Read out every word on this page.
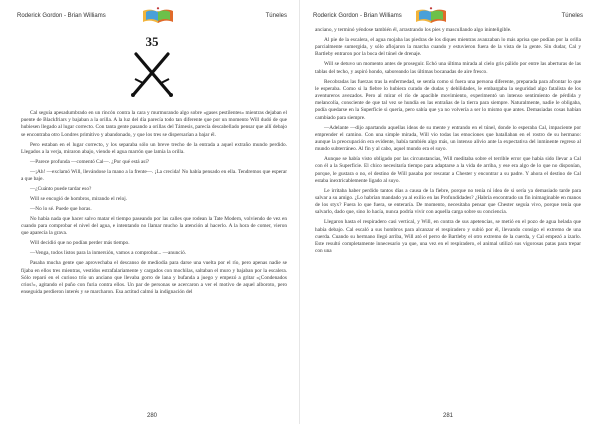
Roderick Gordon - Brian Williams	Túneles
35

Cal seguía apesadumbrado en un rincón contra la cara y murmurando algo sobre «gases pestilentes» mientras dejaban el puente de Blackfriars y bajaban a la orilla. A la luz del día parecía todo tan diferente que por un momento Will dudó de que hubiesen llegado al lugar correcto. Con tanta gente pasando a orillas del Támesis, parecía descabellado pensar que allí debajo se encontraba otro Londres primitivo y abandonado, y que los tres se dispersarían a bajar él.

Pero estaban en el lugar correcto, y los separaba sólo un breve trecho de la entrada a aquel extraño mundo perdido. Llegados a la verja, miraron abajo, viendo el agua marrón que lamía la orilla.

—Parece profunda —comentó Cal—. ¿Por qué está así?

—¡Ah! —exclamó Will, llevándose la mano a la frente—. ¡La crecida! No había pensado en ella. Tendremos que esperar a que baje.

—¿Cuánto puede tardar eso?

Will se encogió de hombros, mirando el reloj.

—No lo sé. Puede que horas.

No había nada que hacer salvo matar el tiempo paseando por las calles que rodean la Tate Modern, volviendo de vez en cuando para comprobar el nivel del agua, e intentando no llamar mucho la atención al hacerlo. A la hora de comer, vieron que aparecía la grava.

Will decidió que no podían perder más tiempo.

—Venga, todos listos para la inmersión, vamos a comprobar... —anunció.

Pasaba mucha gente que aprovechaba el descanso de mediodía para darse una vuelta por el río, pero apenas nadie se fijaba en ellos tres mientras, vestidos estrafalariamente y cargados con mochilas, saltaban el muro y bajaban por la escalera. Sólo reparó en el curioso trío un anciano que llevaba gorro de lana y bufanda a juego y empezó a gritar «¡Condenados crios!», agitando el puño con furia contra ellos. Un par de personas se acercaron a ver el motivo de aquel alboroto, pero enseguida perdieron interés y se marcharon. Esa actitud calmó la indignación del

280
Roderick Gordon - Brian Williams	Túneles

anciano, y terminó yéndose también él, arrastrando los pies y mascullando algo ininteligible.

Al pie de la escalera, el agua mojaba las piedras de los diques mientras avanzaban lo más aprisa que podían por la orilla parcialmente sumergida, y sólo aflojaron la marcha cuando y estuvieron fuera de la vista de la gente. Sin dudar, Cal y Bartleby entraron por la boca del túnel de drenaje.

Will se detuvo un momento antes de proseguir. Echó una última mirada al cielo gris pálido por entre las aberturas de las tablas del techo, y aspiró hondo, saboreando las últimas bocanadas de aire fresco.

Recobradas las fuerzas tras la enfermedad, se sentía como si fuera una persona diferente, preparada para afrontar lo que le esperaba. Como si la fiebre lo hubiera curado de dudas y debilidades, le embargaba la seguridad algo fatalista de los aventureros avezados. Pero al mirar el río de apacible movimiento, experimentó un intenso sentimiento de pérdida y melancolía, consciente de que tal vez se hundía en las entrañas de la tierra para siempre. Naturalmente, nadie le obligaba, podía quedarse en la Superficie si quería, pero sabía que ya no volvería a ser lo mismo que antes. Demasiadas cosas habían cambiado para siempre.

—Adelante —dijo apartando aquellas ideas de su mente y entrando en el túnel, donde lo esperaba Cal, impaciente por emprender el camino. Con una simple mirada, Will vio todas las emociones que batallaban en el rostro de su hermano: aunque la preocupación era evidente, había también algo más, un intenso alivio ante la expectativa del inminente regreso al mundo subterráneo. Al fin y al cabo, aquel mundo era el suyo.

Aunque se había visto obligado por las circunstancias, Will meditaba sobre el terrible error que había sido llevar a Cal con él a la Superficie. El chico necesitaría tiempo para adaptarse a la vida de arriba, y ese era algo de lo que no disponían, porque, le gustara o no, el destino de Will pasaba por rescatar a Chester y encontrar a su padre. Y ahora el destino de Cal estaba inextricablemente ligado al suyo.

Le irritaba haber perdido tantos días a causa de la fiebre, porque no tenía ni idea de si sería ya demasiado tarde para salvar a su amigo. ¿Lo habrían mandado ya al exilio en las Profundidades? ¿Habría encontrado un fin inimaginable en manos de los styx? Fuera lo que fuera, se enteraría. De momento, necesitaba pensar que Chester seguía vivo, porque tenía que salvarlo, dado que, sino lo hacía, nunca podría vivir con aquella carga sobre su conciencia.

Llegaron hasta el respiradero casi vertical, y Will, en contra de sus apetencias, se metió en el pozo de agua helada que había debajo. Cal escaló a sus hombros para alcanzar el respiradero y subió por él, llevando consigo el extremo de una cuerda. Cuando su hermano llegó arriba, Will ató el perro de Bartleby el otro extremo de la cuerda, y Cal empezó a izarlo. Este resultó completamente innecesario ya que, una vez en el respiradero, el animal utilizó sus vigorosas patas para trepar con una

281
